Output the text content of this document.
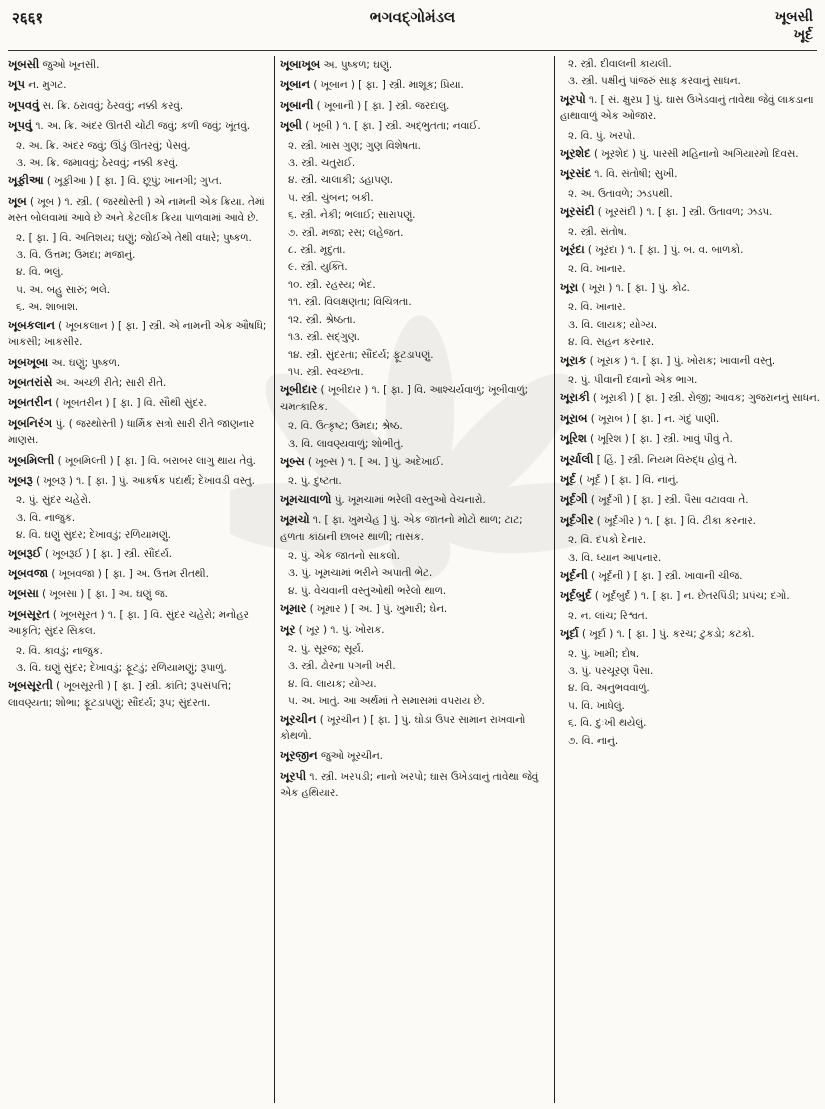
२६६१	ભગવદ્ગોમંડલ	ખૂબસી
ખૂર્દ
ખૂબસી જુઓ ખૂનસી.
ખૂપ ન. મુગટ.
ખૂપવવું સ. ક્રિ. ઠરાવવું; ઠેરવવું; નક્કી કરવું.
ખૂપવું ૧. અ. ક્રિ. અંદર ઊતરી ચોંટી જવું; કળી જવું; ખૂંતવું.
૨. અ. ક્રિ. અંદર જવું; ઊંડું ઊતરવું; પેસવું.
૩. અ. ક્રિ. જમાવવું; ઠેરવવું; નક્કી કરવું.
ખૂફીઆ ( ખૂફીઆ ) [ ફા. ] વિ. છૂપું; ખાનગી; ગુપ્ત.
ખૂબ ( ખૂબ ) ૧. સ્ત્રી. ( જરથોસ્તી ) એ નામની એક ક્રિયા. તેમાં મસ્ત બોલવામાં આવે છે અને કેટલીક ક્રિયા પાળવામાં આવે છે.
૨. [ ફા. ] વિ. અતિશય; ઘણું; જોઈએ તેથી વધારે; પુષ્કળ.
૩. વિ. ઉત્તમ; ઉમદા; મજાનું.
૪. વિ. ભલું.
૫. અ. બહુ સારું; ભલે.
૬. અ. શાબાશ.
ખૂબકલાન ( ખૂબકલાન ) [ ફા. ] સ્ત્રી. એ નામની એક ઔષધિ; ખાકસી; ખાકસીર.
ખૂબખૂબા અ. ઘણું; પુષ્કળ.
ખૂબતરાંસે અ. અચ્છી રીતે; સારી રીતે.
ખૂબતરીન ( ખૂબતરીન ) [ ફા. ] વિ. સૌથી સુંદર.
ખૂબનિરંગ પું. ( જરથોસ્તી ) ધાર્મિક સત્રો સારી રીતે જાણનાર માણસ.
ખૂબમિલ્તી ( ખૂબમિલ્તી ) [ ફા. ] વિ. બરાબર લાગુ થાય તેવું.
ખૂબરૂ ( ખૂબરૂ ) ૧. [ ફા. ] પું. આકર્ષક પદાર્થ; દેખાવડી વસ્તુ.
૨. પું. સુંદર ચહેરો.
૩. વિ. નાજુક.
૪. વિ. ઘણું સુંદર; દેખાવડું; રળિયામણું.
ખૂબરૂઈ ( ખૂબરૂઈ ) [ ફા. ] સ્ત્રી. સૌંદર્ય.
ખૂબવજા ( ખૂબવજા ) [ ફા. ] અ. ઉત્તમ રીતથી.
ખૂબસા ( ખૂબસા ) [ ફા. ] અ. ઘણું જ.
ખૂબસૂરત ( ખૂબસૂરત ) ૧. [ ફા. ] વિ. સુંદર ચહેરો; મનોહર આકૃતિ; સુંદર સિકલ.
૨. વિ. કાવડું; નાજુક.
૩. વિ. ઘણું સુંદર; દેખાવડું; ફૂટડું; રળિયામણું; રૂપાળું.
ખૂબસૂરતી ( ખૂબસૂરતી ) [ ફા. ] સ્ત્રી. કાંતિ; રૂપસંપત્તિ; લાવણ્યતા; શોભા; ફૂટડાપણું; સૌંદર્ય; રૂપ; સુંદરતા.
ખૂબાખૂબ અ. પુષ્કળ; ઘણું.
ખૂબાન ( ખૂબાન ) [ ફા. ] સ્ત્રી. માશૂક; પ્રિયા.
ખૂબાની ( ખૂબાની ) [ ફા. ] સ્ત્રી. જરદાલુ.
ખૂબી ( ખૂબી ) ૧. [ ફા. ] સ્ત્રી. અદ્ભુતતા; નવાઈ.
૨. સ્ત્રી. ખાસ ગુણ; ગુણ વિશેષતા.
૩. સ્ત્રી. ચતુરાઈ.
૪. સ્ત્રી. ચાલાકી; ડહાપણ.
૫. સ્ત્રી. ચુંબન; બકી.
૬. સ્ત્રી. નેકી; ભલાઈ; સારાપણું.
૭. સ્ત્રી. મજા; રસ; લહેજત.
૮. સ્ત્રી. મૃદુતા.
૯. સ્ત્રી. યુક્તિ.
૧૦. સ્ત્રી. રહસ્ય; ભેદ.
૧૧. સ્ત્રી. વિલક્ષણતા; વિચિત્રતા.
૧૨. સ્ત્રી. શ્રેષ્ઠતા.
૧૩. સ્ત્રી. સદ્ગુણ.
૧૪. સ્ત્રી. સુંદરતા; સૌંદર્ય; ફૂટડાપણું.
૧૫. સ્ત્રી. સ્વચ્છતા.
ખૂબીદાર ( ખૂબીદાર ) ૧. [ ફા. ] વિ. આશ્ચર્યવાળું; ખૂબીવાળું; ચમત્કારિક.
૨. વિ. ઉત્કૃષ્ટ; ઉમદા; શ્રેષ્ઠ.
૩. વિ. લાવણ્યવાળું; શોભીતું.
ખૂબ્સ ( ખૂબ્સ ) ૧. [ અ. ] પું. અદેખાઈ.
૨. પું. દુષ્ટતા.
ખૂમચાવાળો પું. ખૂમચામાં ભરેલી વસ્તુઓ વેચનારો.
ખૂમચો ૧. [ ફા. ખુમચેહ ] પું. એક જાતનો મોટો થાળ; ટાટ; હળતા કાંઠાની છાબર થાળી; તાસક.
૨. પું. એક જાતનો સાકલો.
૩. પું. ખૂમચામાં ભરીને અપાતી ભેટ.
૪. પું. વેચવાની વસ્તુઓથી ભરેલો થાળ.
ખૂમાર ( ખૂમાર ) [ અ. ] પું. ખુમારી; ઘેન.
ખૂર ( ખૂર ) ૧. પું. ખોરાક.
૨. પું. સૂરજ; સૂર્ય.
૩. સ્ત્રી. ઢોરના પગની ખરી.
૪. વિ. લાયક; યોગ્ય.
૫. અ. ખાતું. આ અર્થમાં તે સમાસમાં વપરાય છે.
ખૂરચીન ( ખૂરચીન ) [ ફા. ] પું. ઘોડા ઉપર સામાન રાખવાનો કોથળો.
ખૂરજીન જુઓ ખૂરચીન.
ખૂરપી ૧. સ્ત્રી. ખરપડી; નાનો ખરપો; ઘાસ ઉખેડવાનું તાવેથા જેવું એક હથિયાર.
૨. સ્ત્રી. દીવાલની કાયલી.
૩. સ્ત્રી. પક્ષીનું પાંજરું સાફ કરવાનું સાધન.
ખૂરપો ૧. [ સં. ક્ષુરપ્ર ] પું. ઘાસ ઉખેડવાનું તાવેથા જેવું લાકડાના હાથાવાળું એક ઓજાર.
૨. વિ. પું. ખરપો.
ખૂરશેદ ( ખૂરશેદ ) પું. પારસી મહિનાનો અગિયારમો દિવસ.
ખૂરસંદ ૧. વિ. સંતોષી; સુખી.
૨. અ. ઉતાવળે; ઝડપથી.
ખૂરસંદી ( ખૂરસંદી ) ૧. [ ફા. ] સ્ત્રી. ઉતાવળ; ઝડપ.
૨. સ્ત્રી. સંતોષ.
ખૂરંદા ( ખૂરંદા ) ૧. [ ફા. ] પું. બ. વ. બાળકો.
૨. વિ. ખાનાર.
ખૂરા ( ખૂરા ) ૧. [ ફા. ] પું. કોઢ.
૨. વિ. ખાનાર.
૩. વિ. લાયક; યોગ્ય.
૪. વિ. સહન કરનાર.
ખૂરાક ( ખૂરાક ) ૧. [ ફા. ] પું. ખોરાક; ખાવાની વસ્તુ.
૨. પું. પીવાની દવાનો એક ભાગ.
ખૂરાકી ( ખૂરાકી ) [ ફા. ] સ્ત્રી. રોજી; આવક; ગુજરાનનું સાધન.
ખૂરાબ ( ખૂરાબ ) [ ફા. ] ન. ગંદું પાણી.
ખૂરિશ ( ખૂરિશ ) [ ફા. ] સ્ત્રી. ખાવું પીવું તે.
ખૂર્ચાલી [ હિં. ] સ્ત્રી. નિયમ વિરુદ્ધ હોવું તે.
ખૂર્દ ( ખૂર્દ ) [ ફા. ] વિ. નાનું.
ખૂર્દગી ( ખૂર્દગી ) [ ફા. ] સ્ત્રી. પૈસા વટાવવા તે.
ખૂર્દગીર ( ખૂર્દગીર ) ૧. [ ફા. ] વિ. ટીકા કરનાર.
૨. વિ. દપકો દેનાર.
૩. વિ. ધ્યાન આપનાર.
ખૂર્દની ( ખૂર્દની ) [ ફા. ] સ્ત્રી. ખાવાની ચીજ.
ખૂર્દબુર્દ ( ખૂર્દબુર્દ ) ૧. [ ફા. ] ન. છેતરપિંડી; પ્રપંચ; દગો.
૨. ન. લાંચ; રિશ્વત.
ખૂર્દા ( ખૂર્દા ) ૧. [ ફા. ] પું. કરચ; ટુકડો; કટકો.
૨. પું. ખામી; દોષ.
૩. પું. પરચૂરણ પૈસા.
૪. વિ. અનુભવવાળું.
૫. વિ. ખાધેલું.
૬. વિ. દુઃખી થયેલું.
૭. વિ. નાનું.
